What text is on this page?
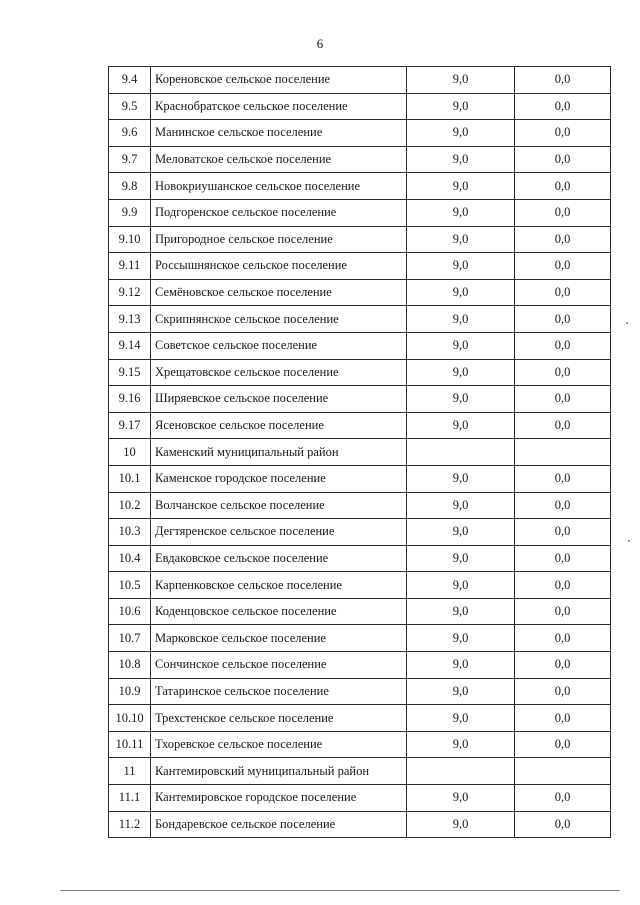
6
9.4	Кореновское сельское поселение	9,0	0,0
9.5	Краснобратское сельское поселение	9,0	0,0
9.6	Манинское сельское поселение	9,0	0,0
9.7	Меловатское сельское поселение	9,0	0,0
9.8	Новокриушанское сельское поселение	9,0	0,0
9.9	Подгоренское сельское поселение	9,0	0,0
9.10	Пригородное сельское поселение	9,0	0,0
9.11	Россышнянское сельское поселение	9,0	0,0
9.12	Семёновское сельское поселение	9,0	0,0
9.13	Скрипнянское сельское поселение	9,0	0,0
9.14	Советское сельское поселение	9,0	0,0
9.15	Хрещатовское сельское поселение	9,0	0,0
9.16	Ширяевское сельское поселение	9,0	0,0
9.17	Ясеновское сельское поселение	9,0	0,0
10	Каменский муниципальный район		
10.1	Каменское городское поселение	9,0	0,0
10.2	Волчанское сельское поселение	9,0	0,0
10.3	Дегтяренское сельское поселение	9,0	0,0
10.4	Евдаковское сельское поселение	9,0	0,0
10.5	Карпенковское сельское поселение	9,0	0,0
10.6	Коденцовское сельское поселение	9,0	0,0
10.7	Марковское сельское поселение	9,0	0,0
10.8	Сончинское сельское поселение	9,0	0,0
10.9	Татаринское сельское поселение	9,0	0,0
10.10	Трехстенское сельское поселение	9,0	0,0
10.11	Тхоревское сельское поселение	9,0	0,0
11	Кантемировский муниципальный район		
11.1	Кантемировское городское поселение	9,0	0,0
11.2	Бондаревское сельское поселение	9,0	0,0
